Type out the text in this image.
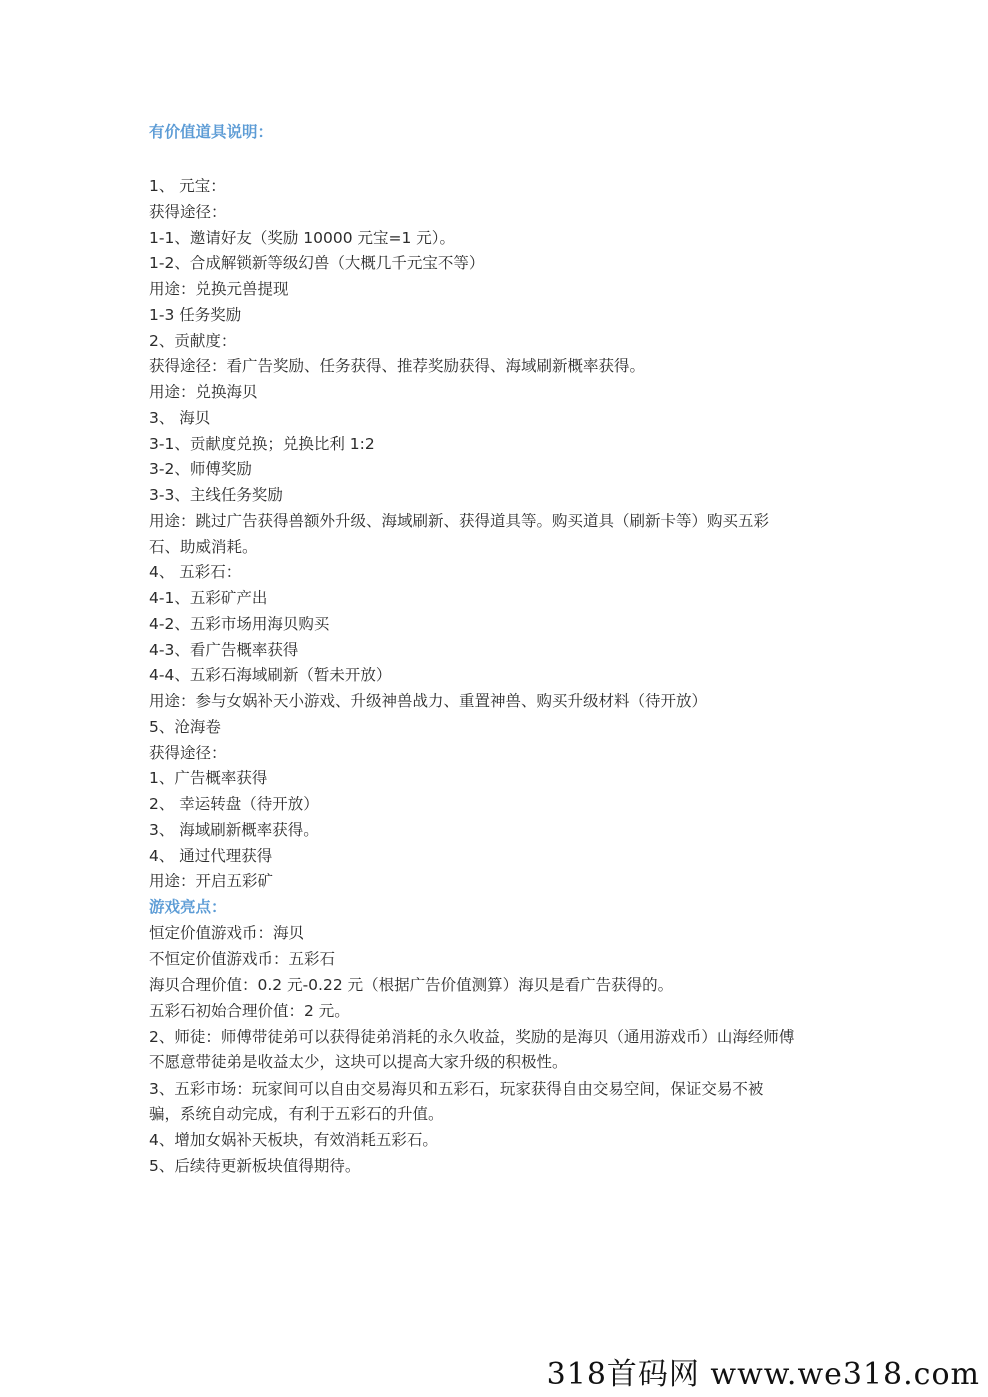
有价值道具说明：
1、 元宝：
获得途径：
1-1、邀请好友（奖励 10000 元宝=1 元）。
1-2、合成解锁新等级幻兽（大概几千元宝不等）
用途：兑换元兽提现
1-3 任务奖励
2、贡献度：
获得途径：看广告奖励、任务获得、推荐奖励获得、海域刷新概率获得。
用途：兑换海贝
3、 海贝
3-1、贡献度兑换；兑换比利 1:2
3-2、师傅奖励
3-3、主线任务奖励
用途：跳过广告获得兽额外升级、海域刷新、获得道具等。购买道具（刷新卡等）购买五彩
石、助威消耗。
4、 五彩石：
4-1、五彩矿产出
4-2、五彩市场用海贝购买
4-3、看广告概率获得
4-4、五彩石海域刷新（暂未开放）
用途：参与女娲补天小游戏、升级神兽战力、重置神兽、购买升级材料（待开放）
5、沧海卷
获得途径：
1、广告概率获得
2、 幸运转盘（待开放）
3、 海域刷新概率获得。
4、 通过代理获得
用途：开启五彩矿
游戏亮点：
恒定价值游戏币：海贝
不恒定价值游戏币：五彩石
海贝合理价值：0.2 元-0.22 元（根据广告价值测算）海贝是看广告获得的。
五彩石初始合理价值：2 元。
2、师徒：师傅带徒弟可以获得徒弟消耗的永久收益，奖励的是海贝（通用游戏币）山海经师傅
不愿意带徒弟是收益太少，这块可以提高大家升级的积极性。
3、五彩市场：玩家间可以自由交易海贝和五彩石，玩家获得自由交易空间，保证交易不被
骗，系统自动完成，有利于五彩石的升值。
4、增加女娲补天板块，有效消耗五彩石。
5、后续待更新板块值得期待。
318首码网 www.we318.com
